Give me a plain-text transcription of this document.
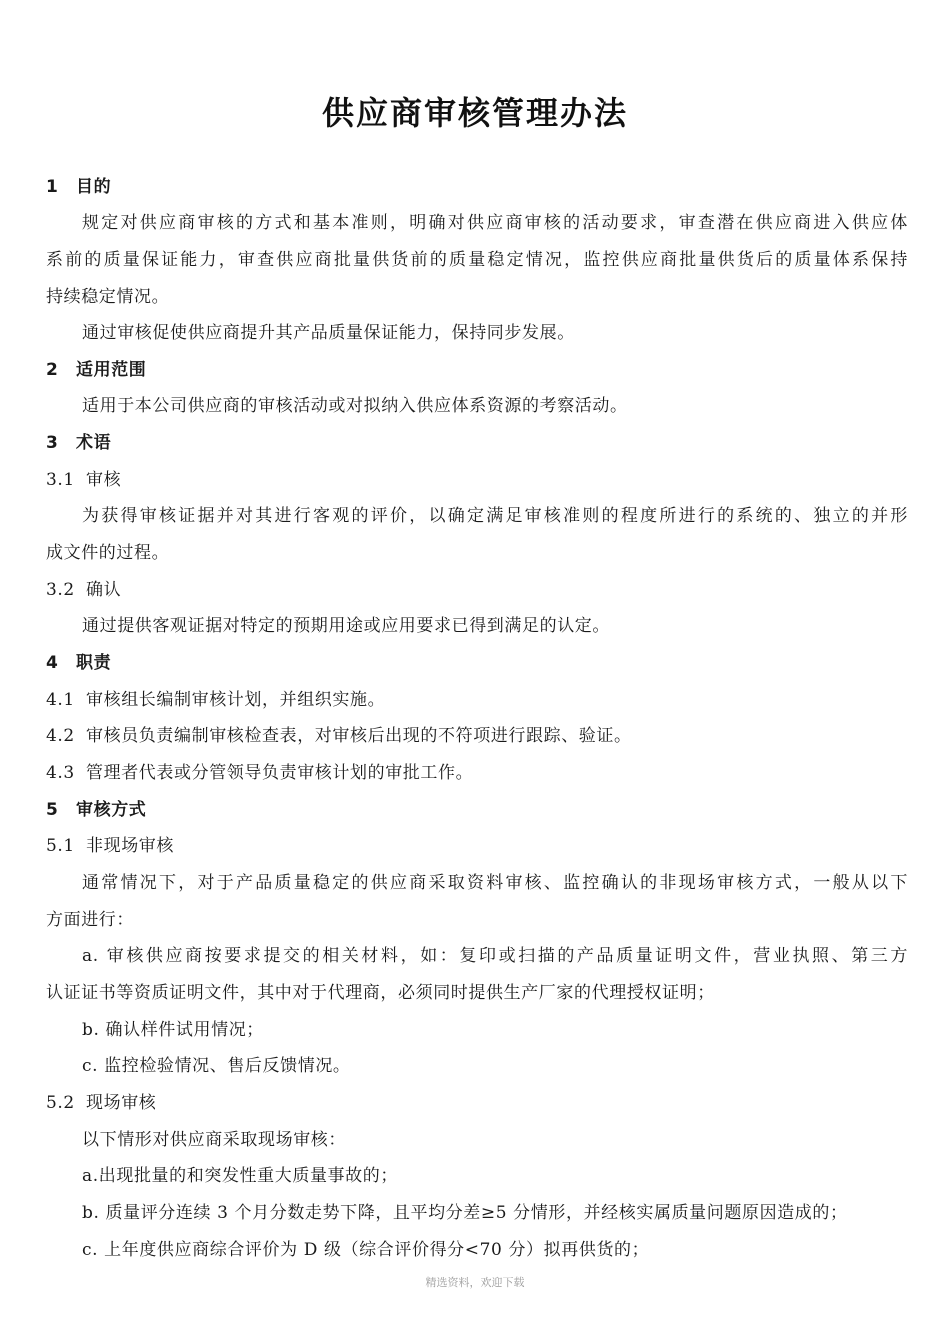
供应商审核管理办法
1 目的
规定对供应商审核的方式和基本准则，明确对供应商审核的活动要求，审查潜在供应商进入供应体
系前的质量保证能力，审查供应商批量供货前的质量稳定情况，监控供应商批量供货后的质量体系保持
持续稳定情况。
通过审核促使供应商提升其产品质量保证能力，保持同步发展。
2 适用范围
适用于本公司供应商的审核活动或对拟纳入供应体系资源的考察活动。
3 术语
3.1 审核
为获得审核证据并对其进行客观的评价，以确定满足审核准则的程度所进行的系统的、独立的并形
成文件的过程。
3.2 确认
通过提供客观证据对特定的预期用途或应用要求已得到满足的认定。
4 职责
4.1 审核组长编制审核计划，并组织实施。
4.2 审核员负责编制审核检查表，对审核后出现的不符项进行跟踪、验证。
4.3 管理者代表或分管领导负责审核计划的审批工作。
5 审核方式
5.1 非现场审核
通常情况下，对于产品质量稳定的供应商采取资料审核、监控确认的非现场审核方式，一般从以下
方面进行：
a. 审核供应商按要求提交的相关材料，如：复印或扫描的产品质量证明文件，营业执照、第三方
认证证书等资质证明文件，其中对于代理商，必须同时提供生产厂家的代理授权证明；
b. 确认样件试用情况；
c. 监控检验情况、售后反馈情况。
5.2 现场审核
以下情形对供应商采取现场审核：
a.出现批量的和突发性重大质量事故的；
b. 质量评分连续 3 个月分数走势下降，且平均分差≥5 分情形，并经核实属质量问题原因造成的；
c. 上年度供应商综合评价为 D 级（综合评价得分<70 分）拟再供货的；
精选资料，欢迎下载
